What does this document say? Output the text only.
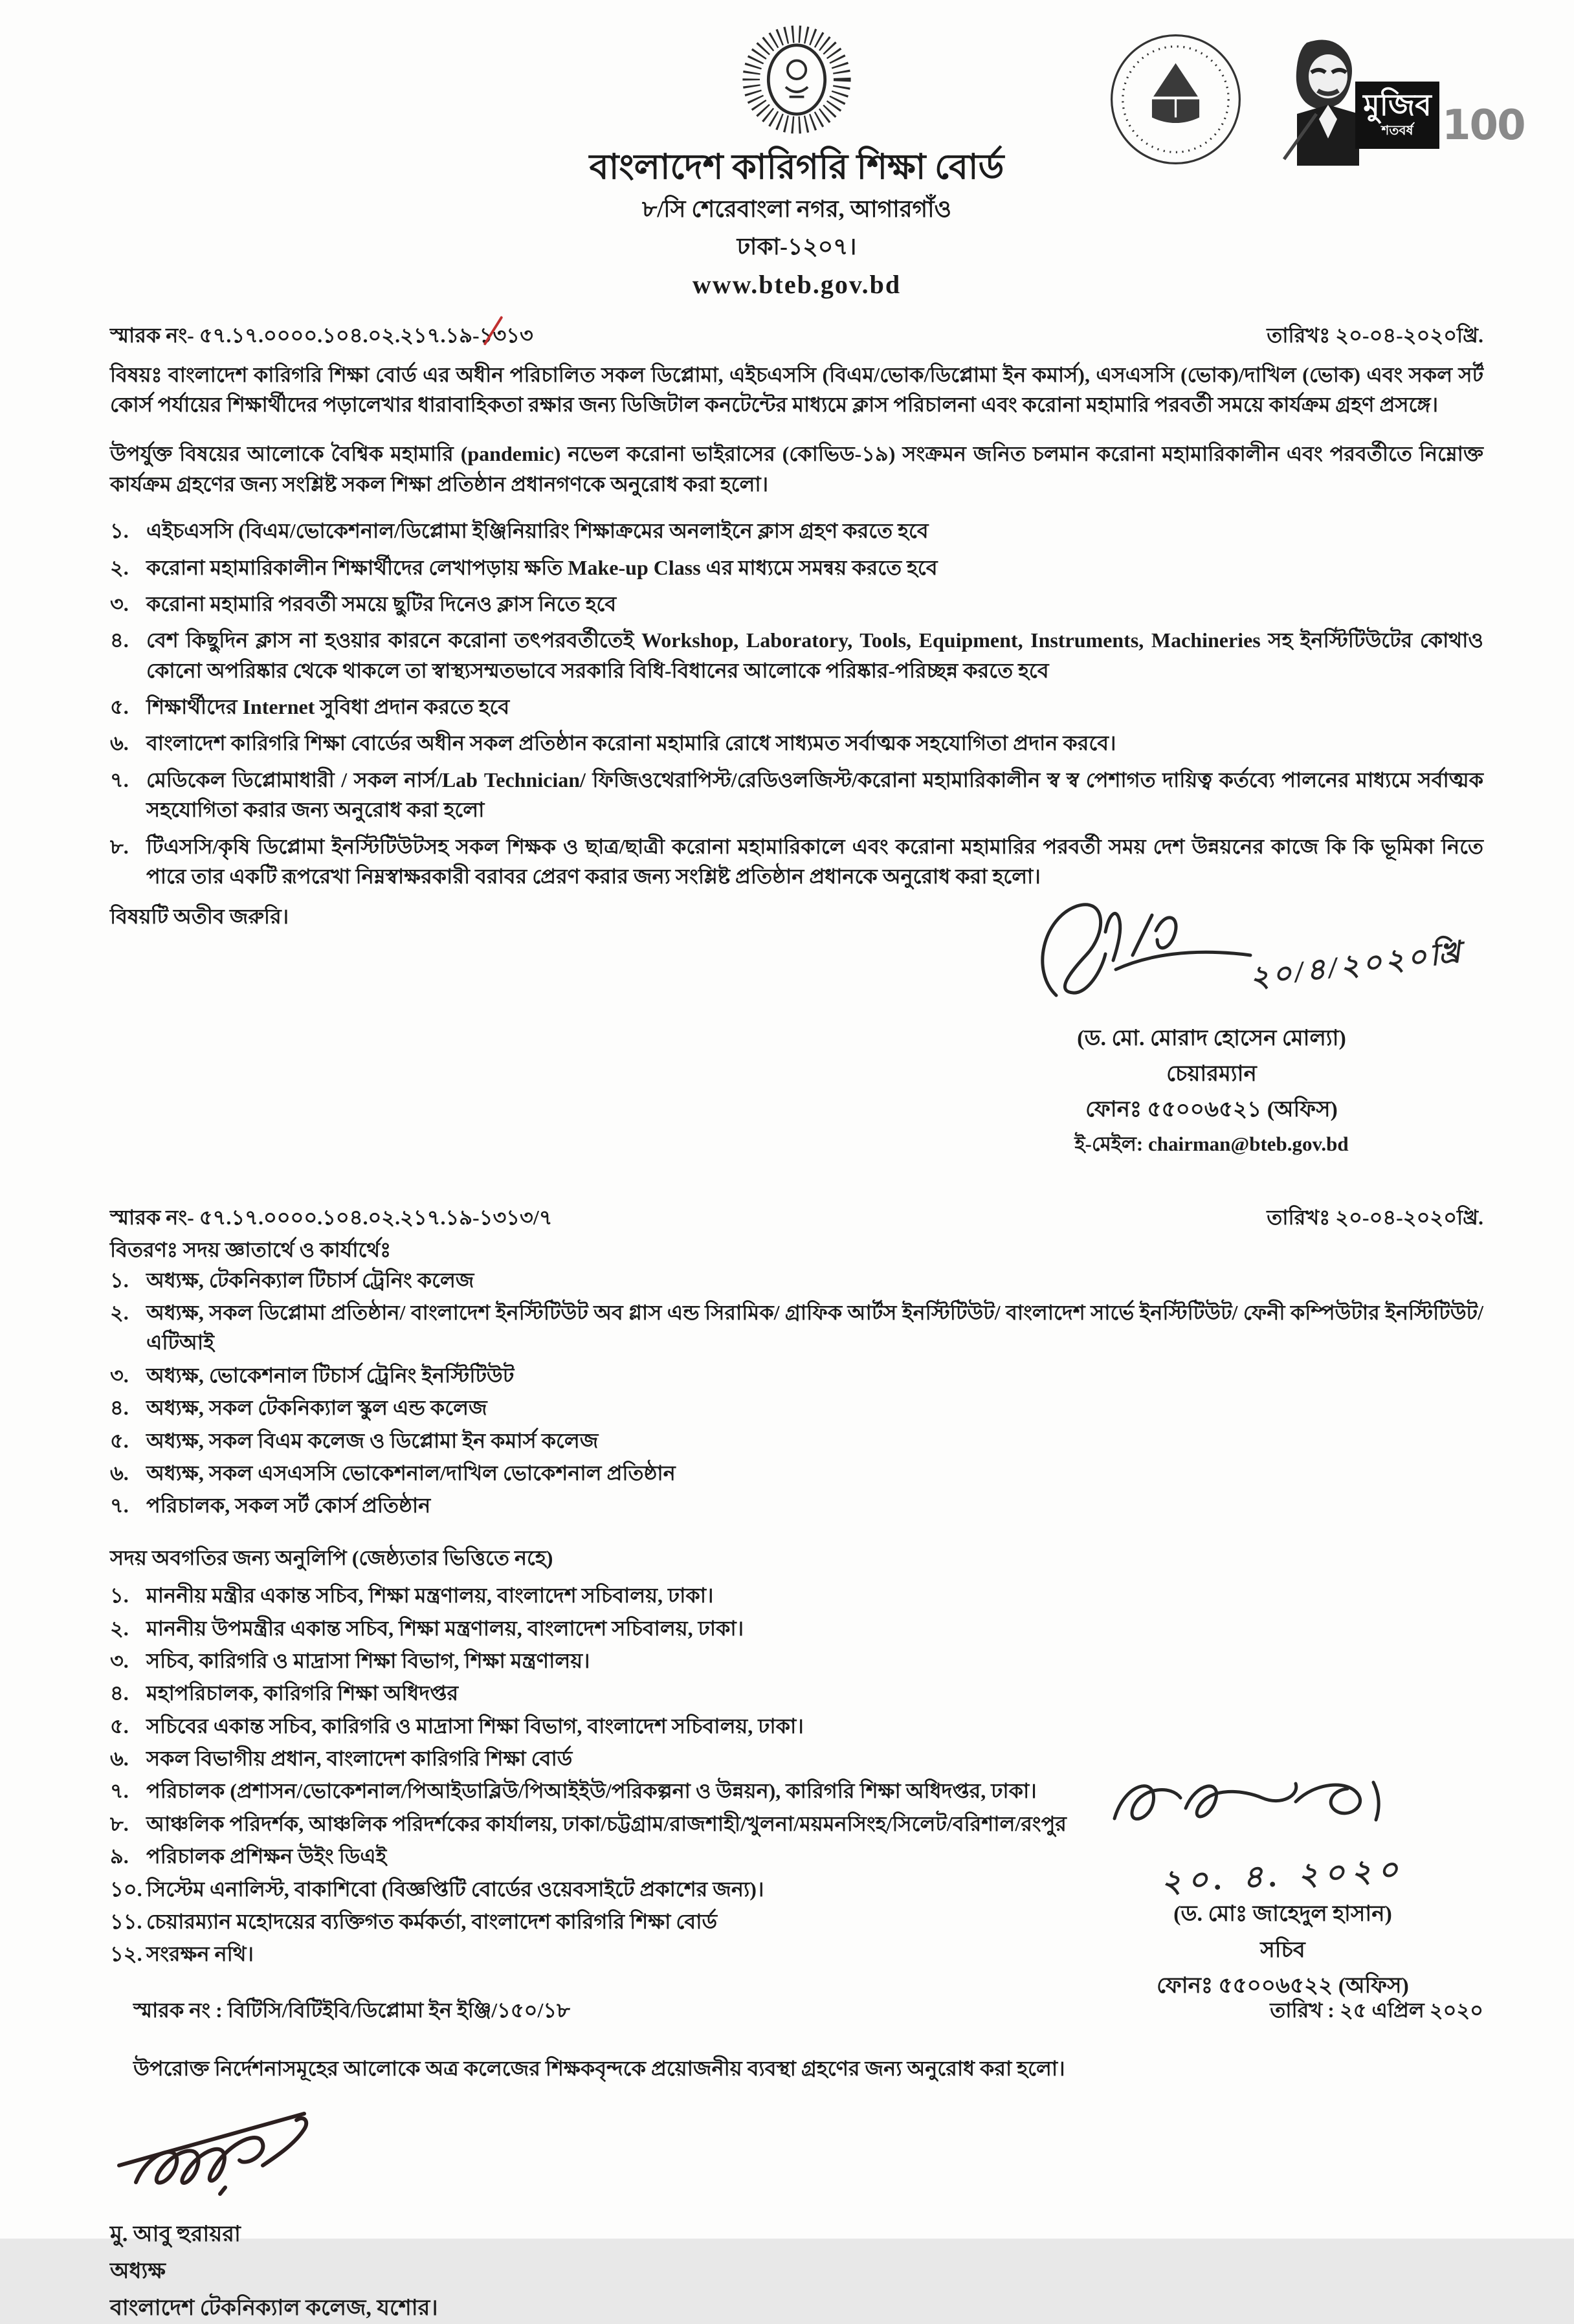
বাংলাদেশ কারিগরি শিক্ষা বোর্ড
৮/সি শেরেবাংলা নগর, আগারগাঁও
ঢাকা-১২০৭।
www.bteb.gov.bd
মুজিব
শতবর্ষ 100
স্মারক নং- ৫৭.১৭.০০০০.১০৪.০২.২১৭.১৯-১৩১৩	তারিখঃ ২০-০৪-২০২০খ্রি.
বিষয়ঃ বাংলাদেশ কারিগরি শিক্ষা বোর্ড এর অধীন পরিচালিত সকল ডিপ্লোমা, এইচএসসি (বিএম/ভোক/ডিপ্লোমা ইন কমার্স), এসএসসি (ভোক)/দাখিল (ভোক) এবং সকল সর্ট কোর্স পর্যায়ের শিক্ষার্থীদের পড়ালেখার ধারাবাহিকতা রক্ষার জন্য ডিজিটাল কনটেন্টের মাধ্যমে ক্লাস পরিচালনা এবং করোনা মহামারি পরবর্তী সময়ে কার্যক্রম গ্রহণ প্রসঙ্গে।
উপর্যুক্ত বিষয়ের আলোকে বৈশ্বিক মহামারি (pandemic) নভেল করোনা ভাইরাসের (কোভিড-১৯) সংক্রমন জনিত চলমান করোনা মহামারিকালীন এবং পরবর্তীতে নিম্নোক্ত কার্যক্রম গ্রহণের জন্য সংশ্লিষ্ট সকল শিক্ষা প্রতিষ্ঠান প্রধানগণকে অনুরোধ করা হলো।
১. এইচএসসি (বিএম/ভোকেশনাল/ডিপ্লোমা ইঞ্জিনিয়ারিং শিক্ষাক্রমের অনলাইনে ক্লাস গ্রহণ করতে হবে
২. করোনা মহামারিকালীন শিক্ষার্থীদের লেখাপড়ায় ক্ষতি Make-up Class এর মাধ্যমে সমন্বয় করতে হবে
৩. করোনা মহামারি পরবর্তী সময়ে ছুটির দিনেও ক্লাস নিতে হবে
৪. বেশ কিছুদিন ক্লাস না হওয়ার কারনে করোনা তৎপরবর্তীতেই Workshop, Laboratory, Tools, Equipment, Instruments, Machineries সহ ইনস্টিটিউটের কোথাও কোনো অপরিষ্কার থেকে থাকলে তা স্বাস্থ্যসম্মতভাবে সরকারি বিধি-বিধানের আলোকে পরিষ্কার-পরিচ্ছন্ন করতে হবে
৫. শিক্ষার্থীদের Internet সুবিধা প্রদান করতে হবে
৬. বাংলাদেশ কারিগরি শিক্ষা বোর্ডের অধীন সকল প্রতিষ্ঠান করোনা মহামারি রোধে সাধ্যমত সর্বাত্মক সহযোগিতা প্রদান করবে।
৭. মেডিকেল ডিপ্লোমাধারী / সকল নার্স/Lab Technician/ ফিজিওথেরাপিস্ট/রেডিওলজিস্ট/করোনা মহামারিকালীন স্ব স্ব পেশাগত দায়িত্ব কর্তব্যে পালনের মাধ্যমে সর্বাত্মক সহযোগিতা করার জন্য অনুরোধ করা হলো
৮. টিএসসি/কৃষি ডিপ্লোমা ইনস্টিটিউটসহ সকল শিক্ষক ও ছাত্র/ছাত্রী করোনা মহামারিকালে এবং করোনা মহামারির পরবর্তী সময় দেশ উন্নয়নের কাজে কি কি ভূমিকা নিতে পারে তার একটি রূপরেখা নিম্নস্বাক্ষরকারী বরাবর প্রেরণ করার জন্য সংশ্লিষ্ট প্রতিষ্ঠান প্রধানকে অনুরোধ করা হলো।
বিষয়টি অতীব জরুরি।
২০/৪/২০২০খ্রি
(ড. মো. মোরাদ হোসেন মোল্যা)
চেয়ারম্যান
ফোনঃ ৫৫০০৬৫২১ (অফিস)
ই-মেইল: chairman@bteb.gov.bd
স্মারক নং- ৫৭.১৭.০০০০.১০৪.০২.২১৭.১৯-১৩১৩/৭	তারিখঃ ২০-০৪-২০২০খ্রি.
বিতরণঃ সদয় জ্ঞাতার্থে ও কার্যার্থেঃ
১. অধ্যক্ষ, টেকনিক্যাল টিচার্স ট্রেনিং কলেজ
২. অধ্যক্ষ, সকল ডিপ্লোমা প্রতিষ্ঠান/ বাংলাদেশ ইনস্টিটিউট অব গ্লাস এন্ড সিরামিক/ গ্রাফিক আর্টস ইনস্টিটিউট/ বাংলাদেশ সার্ভে ইনস্টিটিউট/ ফেনী কম্পিউটার ইনস্টিটিউট/ এটিআই
৩. অধ্যক্ষ, ভোকেশনাল টিচার্স ট্রেনিং ইনস্টিটিউট
৪. অধ্যক্ষ, সকল টেকনিক্যাল স্কুল এন্ড কলেজ
৫. অধ্যক্ষ, সকল বিএম কলেজ ও ডিপ্লোমা ইন কমার্স কলেজ
৬. অধ্যক্ষ, সকল এসএসসি ভোকেশনাল/দাখিল ভোকেশনাল প্রতিষ্ঠান
৭. পরিচালক, সকল সর্ট কোর্স প্রতিষ্ঠান
সদয় অবগতির জন্য অনুলিপি (জেষ্ঠ্যতার ভিত্তিতে নহে)
১. মাননীয় মন্ত্রীর একান্ত সচিব, শিক্ষা মন্ত্রণালয়, বাংলাদেশ সচিবালয়, ঢাকা।
২. মাননীয় উপমন্ত্রীর একান্ত সচিব, শিক্ষা মন্ত্রণালয়, বাংলাদেশ সচিবালয়, ঢাকা।
৩. সচিব, কারিগরি ও মাদ্রাসা শিক্ষা বিভাগ, শিক্ষা মন্ত্রণালয়।
৪. মহাপরিচালক, কারিগরি শিক্ষা অধিদপ্তর
৫. সচিবের একান্ত সচিব, কারিগরি ও মাদ্রাসা শিক্ষা বিভাগ, বাংলাদেশ সচিবালয়, ঢাকা।
৬. সকল বিভাগীয় প্রধান, বাংলাদেশ কারিগরি শিক্ষা বোর্ড
৭. পরিচালক (প্রশাসন/ভোকেশনাল/পিআইডাব্লিউ/পিআইইউ/পরিকল্পনা ও উন্নয়ন), কারিগরি শিক্ষা অধিদপ্তর, ঢাকা।
৮. আঞ্চলিক পরিদর্শক, আঞ্চলিক পরিদর্শকের কার্যালয়, ঢাকা/চট্টগ্রাম/রাজশাহী/খুলনা/ময়মনসিংহ/সিলেট/বরিশাল/রংপুর
৯. পরিচালক প্রশিক্ষন উইং ডিএই
১০. সিস্টেম এনালিস্ট, বাকাশিবো (বিজ্ঞপ্তিটি বোর্ডের ওয়েবসাইটে প্রকাশের জন্য)।
১১. চেয়ারম্যান মহোদয়ের ব্যক্তিগত কর্মকর্তা, বাংলাদেশ কারিগরি শিক্ষা বোর্ড
১২. সংরক্ষন নথি।
২০. ৪. ২০২০
(ড. মোঃ জাহেদুল হাসান)
সচিব
ফোনঃ ৫৫০০৬৫২২ (অফিস)
স্মারক নং : বিটিসি/বিটিইবি/ডিপ্লোমা ইন ইঞ্জি/১৫০/১৮	তারিখ : ২৫ এপ্রিল ২০২০
উপরোক্ত নির্দেশনাসমূহের আলোকে অত্র কলেজের শিক্ষকবৃন্দকে প্রয়োজনীয় ব্যবস্থা গ্রহণের জন্য অনুরোধ করা হলো।
মু. আবু হুরায়রা
অধ্যক্ষ
বাংলাদেশ টেকনিক্যাল কলেজ, যশোর।
